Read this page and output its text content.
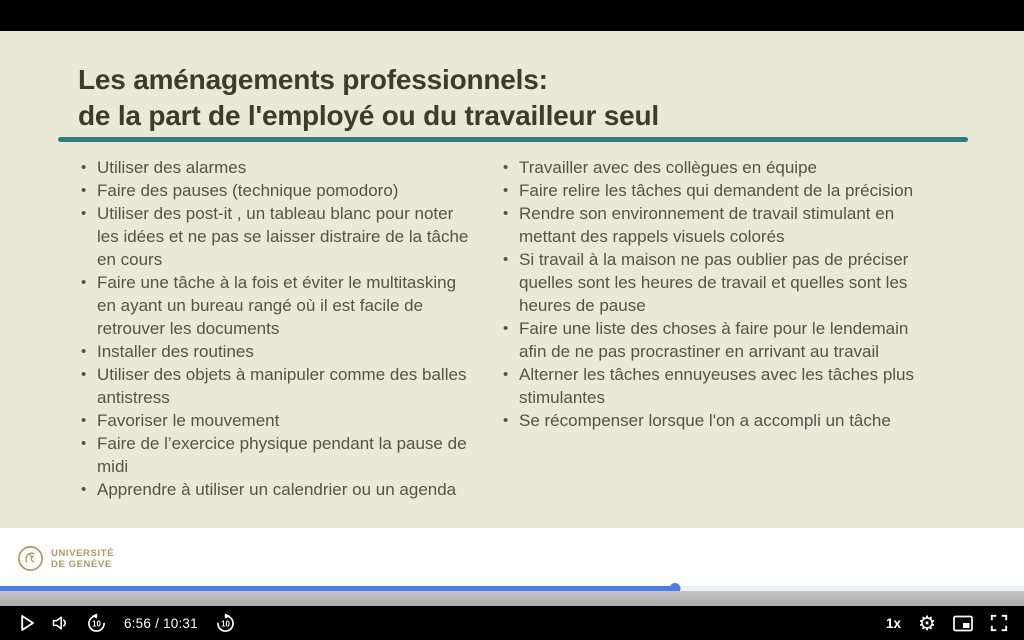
Les aménagements professionnels:
de la part de l'employé ou du travailleur seul
• Utiliser des alarmes
• Faire des pauses (technique pomodoro)
• Utiliser des post-it , un tableau blanc pour noter les idées et ne pas se laisser distraire de la tâche en cours
• Faire une tâche à la fois et éviter le multitasking en ayant un bureau rangé où il est facile de retrouver les documents
• Installer des routines
• Utiliser des objets à manipuler comme des balles antistress
• Favoriser le mouvement
• Faire de l’exercice physique pendant la pause de midi
• Apprendre à utiliser un calendrier ou un agenda
• Travailler avec des collègues en équipe
• Faire relire les tâches qui demandent de la précision
• Rendre son environnement de travail stimulant en mettant des rappels visuels colorés
• Si travail à la maison ne pas oublier pas de préciser quelles sont les heures de travail et quelles sont les heures de pause
• Faire une liste des choses à faire pour le lendemain afin de ne pas procrastiner en arrivant au travail
• Alterner les tâches ennuyeuses avec les tâches plus stimulantes
• Se récompenser lorsque l'on a accompli un tâche
UNIVERSITÉ
DE GENÈVE
10 6:56 / 10:31	10	1x ⚙
